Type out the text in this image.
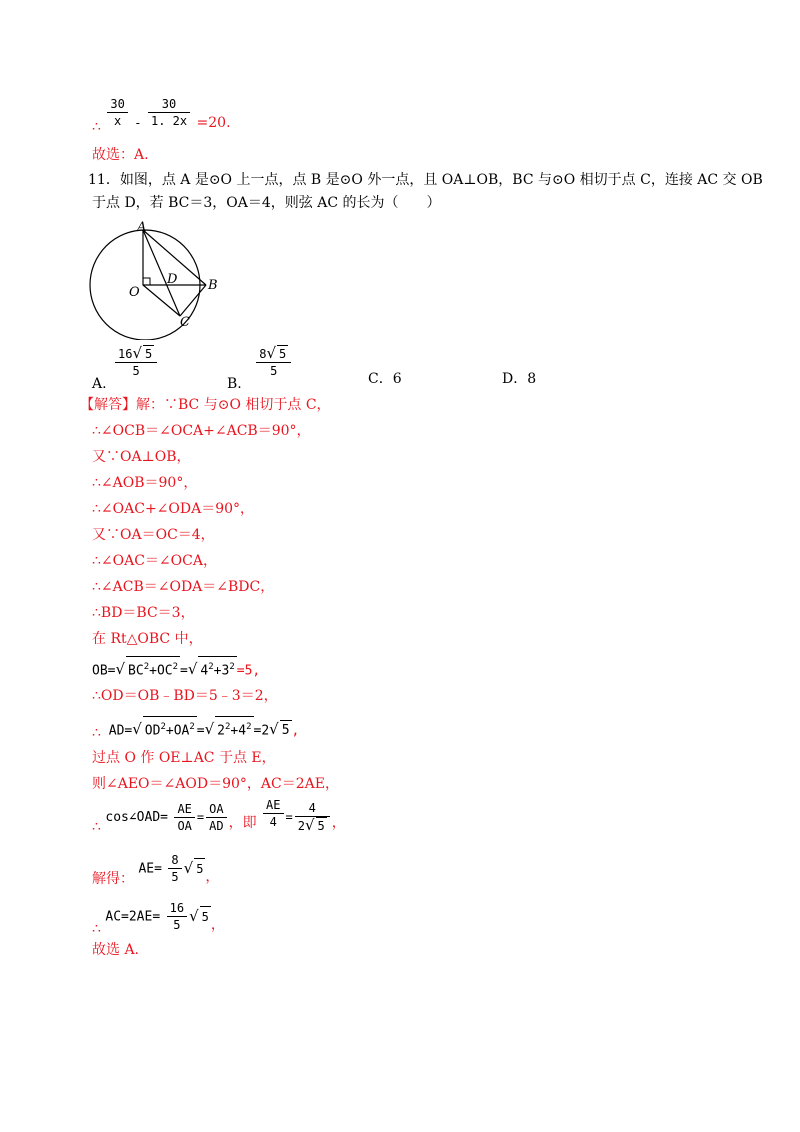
∴ $\frac{30}{x} - \frac{30}{1. 2x} =20$.
故选：A.
11．如图，点 A 是⊙O 上一点，点 B 是⊙O 外一点，且 OA⊥OB，BC 与⊙O 相切于点 C，连接 AC 交 OB
于点 D，若 BC＝3，OA＝4，则弦 AC 的长为（　　）
A
O
D B
C
A.
$\frac{16√ 5}{5}$
B.
$\frac{8√ 5}{5}$	C．6	D．8
【解答】解：∵BC 与⊙O 相切于点 C，
∴∠OCB＝∠OCA+∠ACB＝90°，
又∵OA⊥OB，
∴∠AOB＝90°，
∴∠OAC+∠ODA＝90°，
又∵OA＝OC＝4，
∴∠OAC＝∠OCA，
∴∠ACB＝∠ODA＝∠BDC，
∴BD＝BC＝3，
在 Rt△OBC 中，
OB=√ $BC^2+OC^2$ =√ $4^2+3^2 =5$,
∴OD＝OB﹣BD＝5﹣3＝2，
∴ AD=√ $OD^2+OA^2$ =√ $2^2+4^2 =2√$ 5 ,
过点 O 作 OE⊥AC 于点 E，
则∠AEO＝∠AOD＝90°，AC＝2AE，
∴ cos∠OAD= $\frac{AE}{OA} = \frac{OA}{AD}$ ，即 $\frac{AE}{4} = \frac{4}{2√ 5}$ ，
解得： $AE= \frac{8}{5}$ √ 5 ，
∴ $AC=2AE= \frac{16}{5}$ √ 5 ，
故选 A.
